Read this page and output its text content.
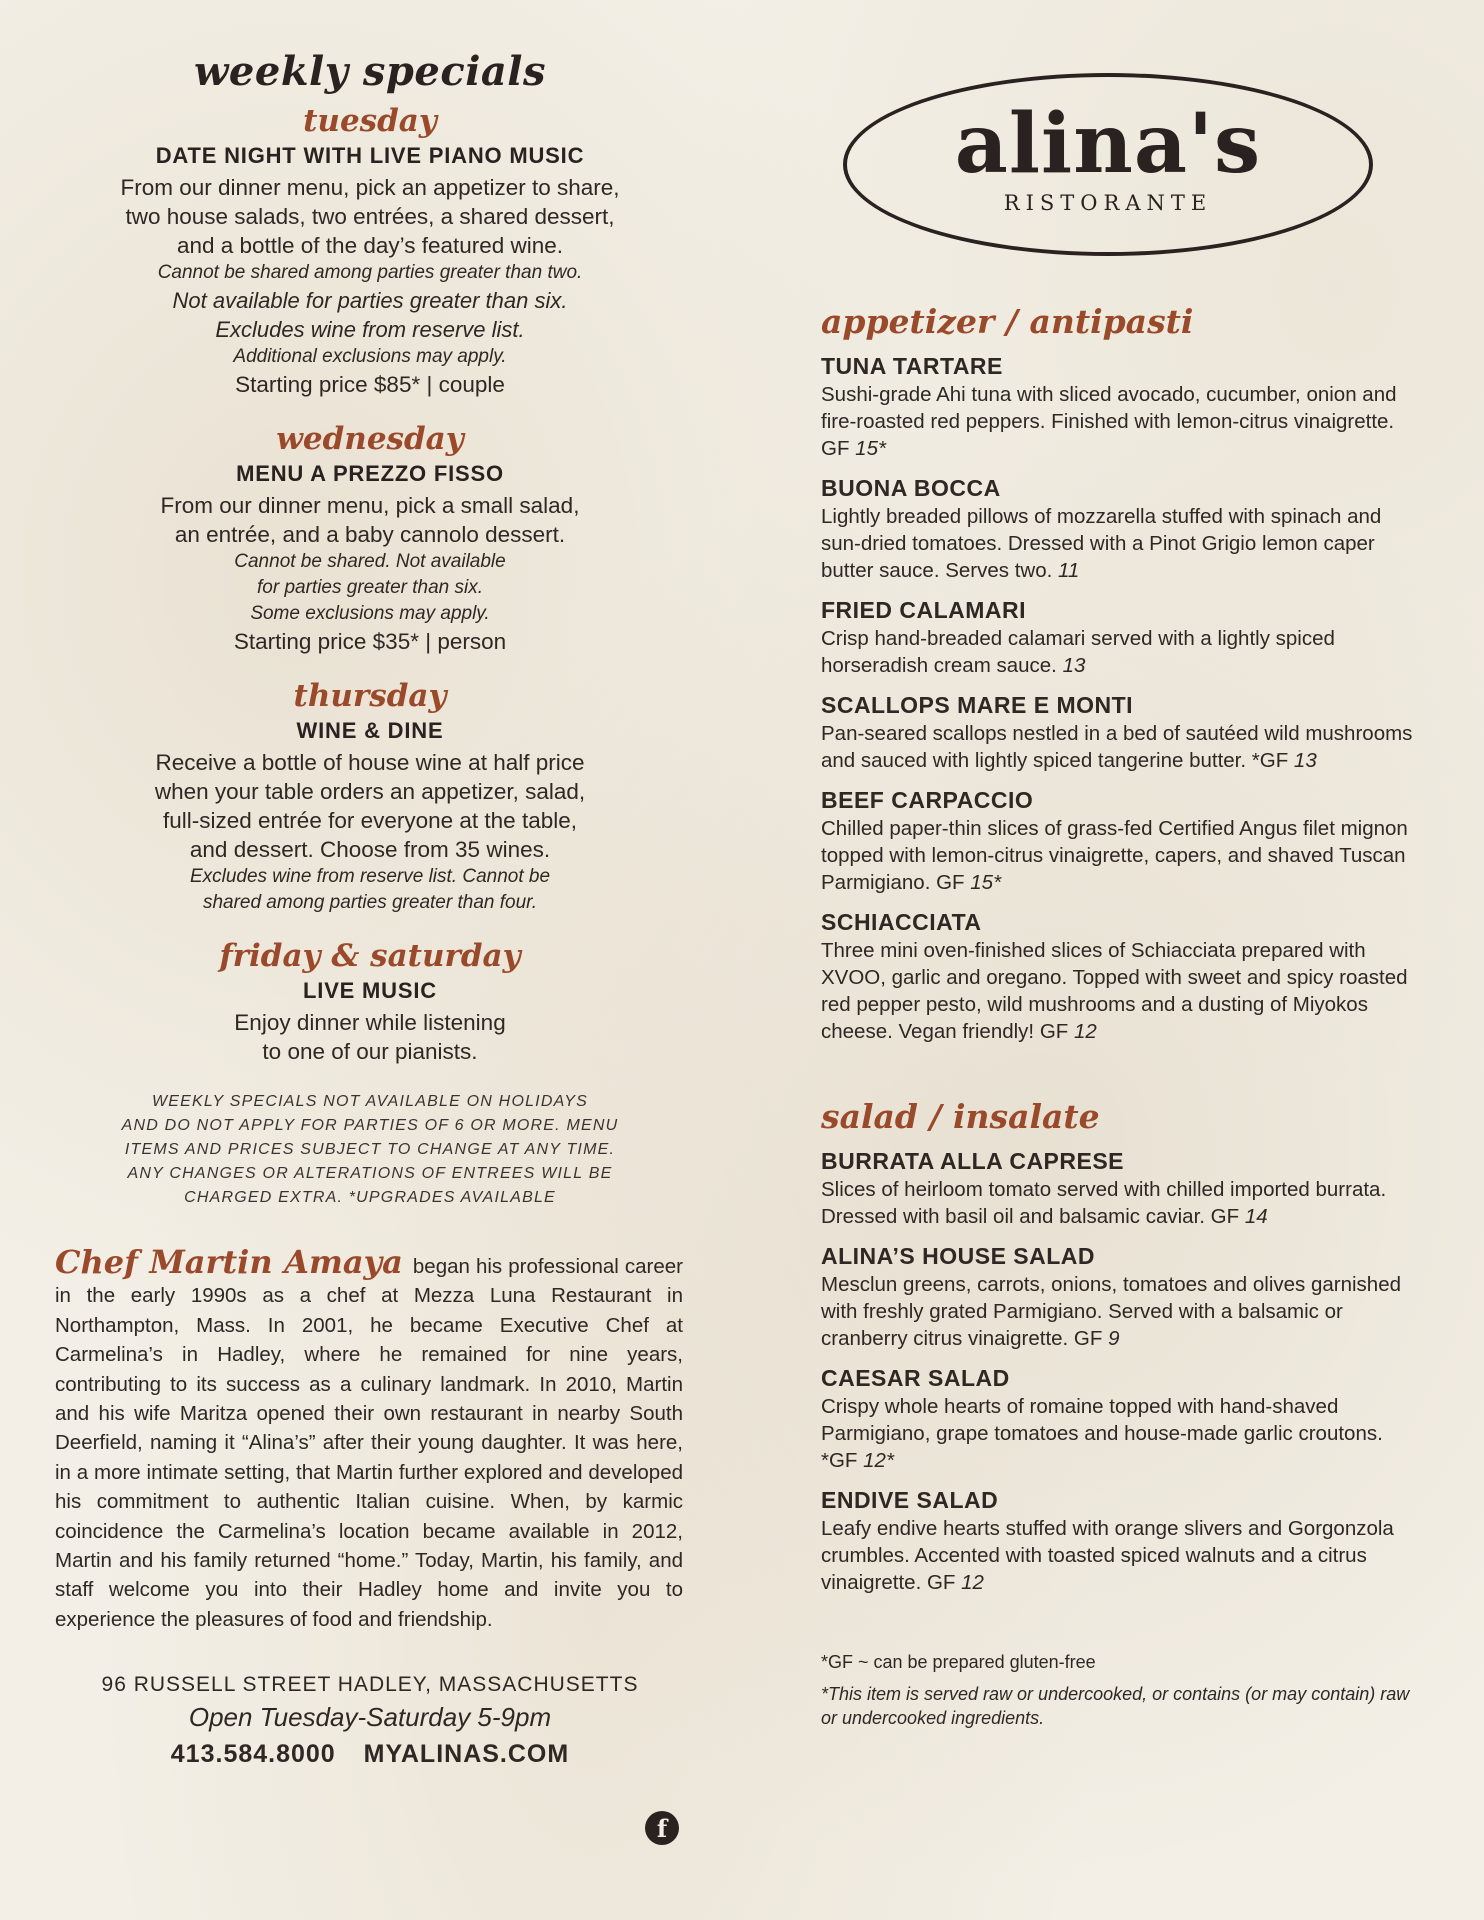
weekly specials
tuesday
DATE NIGHT WITH LIVE PIANO MUSIC
From our dinner menu, pick an appetizer to share,
two house salads, two entrées, a shared dessert,
and a bottle of the day’s featured wine.
Cannot be shared among parties greater than two.
Not available for parties greater than six.
Excludes wine from reserve list.
Additional exclusions may apply.
Starting price $85* | couple
wednesday
MENU A PREZZO FISSO
From our dinner menu, pick a small salad,
an entrée, and a baby cannolo dessert.
Cannot be shared. Not available
for parties greater than six.
Some exclusions may apply.
Starting price $35* | person
thursday
WINE & DINE
Receive a bottle of house wine at half price
when your table orders an appetizer, salad,
full-sized entrée for everyone at the table,
and dessert. Choose from 35 wines.
Excludes wine from reserve list. Cannot be
shared among parties greater than four.
friday & saturday
LIVE MUSIC
Enjoy dinner while listening
to one of our pianists.
WEEKLY SPECIALS NOT AVAILABLE ON HOLIDAYS
AND DO NOT APPLY FOR PARTIES OF 6 OR MORE. MENU
ITEMS AND PRICES SUBJECT TO CHANGE AT ANY TIME.
ANY CHANGES OR ALTERATIONS OF ENTREES WILL BE
CHARGED EXTRA. *UPGRADES AVAILABLE
Chef Martin Amaya began his professional career in the early 1990s as a chef at Mezza Luna Restaurant in Northampton, Mass. In 2001, he became Executive Chef at Carmelina’s in Hadley, where he remained for nine years, contributing to its success as a culinary landmark. In 2010, Martin and his wife Maritza opened their own restaurant in nearby South Deerfield, naming it “Alina’s” after their young daughter. It was here, in a more intimate setting, that Martin further explored and developed his commitment to authentic Italian cuisine. When, by karmic coincidence the Carmelina’s location became available in 2012, Martin and his family returned “home.” Today, Martin, his family, and staff welcome you into their Hadley home and invite you to experience the pleasures of food and friendship.
96 RUSSELL STREET HADLEY, MASSACHUSETTS
Open Tuesday-Saturday 5-9pm
413.584.8000 MYALINAS.COM
f
alina's
RISTORANTE
appetizer / antipasti
TUNA TARTARE
Sushi-grade Ahi tuna with sliced avocado, cucumber, onion and fire-roasted red peppers. Finished with lemon-citrus vinaigrette. GF 15*
BUONA BOCCA
Lightly breaded pillows of mozzarella stuffed with spinach and sun-dried tomatoes. Dressed with a Pinot Grigio lemon caper butter sauce. Serves two. 11
FRIED CALAMARI
Crisp hand-breaded calamari served with a lightly spiced horseradish cream sauce. 13
SCALLOPS MARE E MONTI
Pan-seared scallops nestled in a bed of sautéed wild mushrooms and sauced with lightly spiced tangerine butter. *GF 13
BEEF CARPACCIO
Chilled paper-thin slices of grass-fed Certified Angus filet mignon topped with lemon-citrus vinaigrette, capers, and shaved Tuscan Parmigiano. GF 15*
SCHIACCIATA
Three mini oven-finished slices of Schiacciata prepared with XVOO, garlic and oregano. Topped with sweet and spicy roasted red pepper pesto, wild mushrooms and a dusting of Miyokos cheese. Vegan friendly! GF 12
salad / insalate
BURRATA ALLA CAPRESE
Slices of heirloom tomato served with chilled imported burrata. Dressed with basil oil and balsamic caviar. GF 14
ALINA’S HOUSE SALAD
Mesclun greens, carrots, onions, tomatoes and olives garnished with freshly grated Parmigiano. Served with a balsamic or cranberry citrus vinaigrette. GF 9
CAESAR SALAD
Crispy whole hearts of romaine topped with hand-shaved Parmigiano, grape tomatoes and house-made garlic croutons. *GF 12*
ENDIVE SALAD
Leafy endive hearts stuffed with orange slivers and Gorgonzola crumbles. Accented with toasted spiced walnuts and a citrus vinaigrette. GF 12
*GF ~ can be prepared gluten-free
*This item is served raw or undercooked, or contains (or may contain) raw or undercooked ingredients.
